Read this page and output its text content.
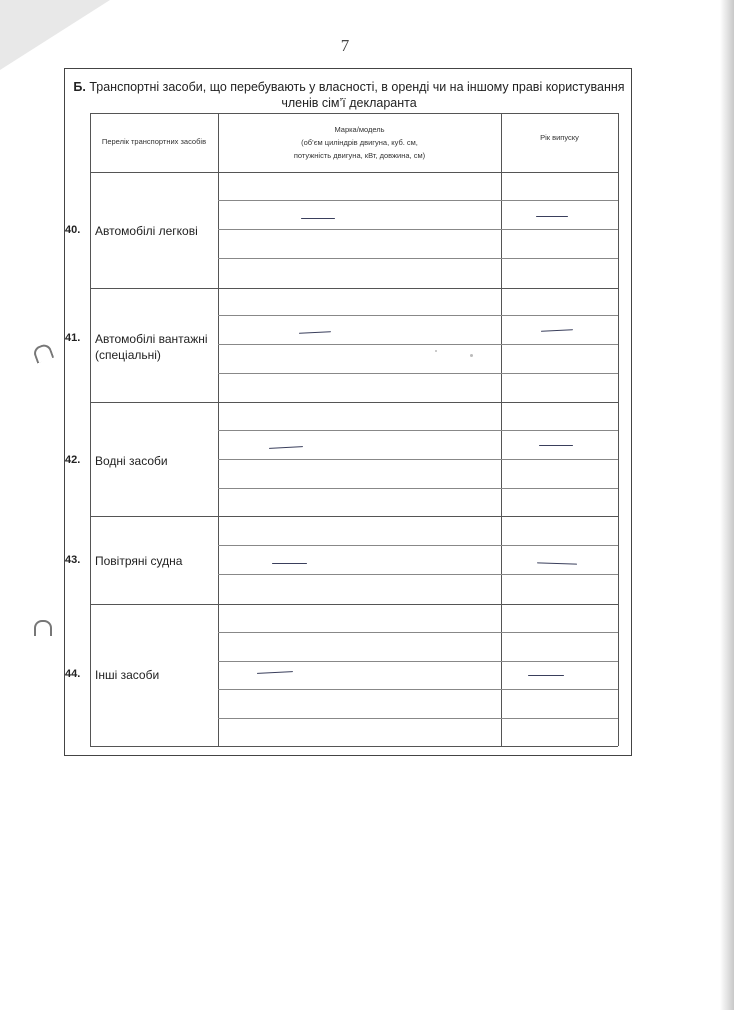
7
Б. Транспортні засоби, що перебувають у власності, в оренді чи на іншому праві користування членів сім’ї декларанта
Перелік транспортних засобів
Марка/модель
(об’єм циліндрів двигуна, куб. см,
потужність двигуна, кВт, довжина, см)
Рік випуску
40. Автомобілі легкові
41. Автомобілі вантажні (спеціальні)
42. Водні засоби
43. Повітряні судна
44. Інші засоби
